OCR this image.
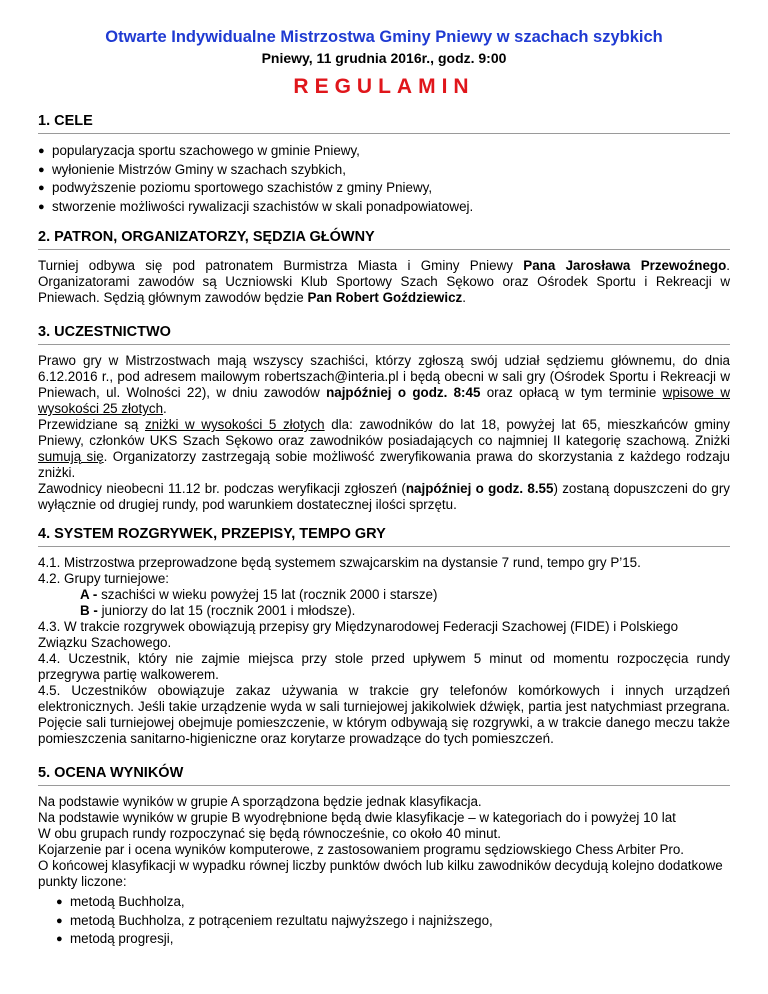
Otwarte Indywidualne Mistrzostwa Gminy Pniewy w szachach szybkich

Pniewy, 11 grudnia 2016r., godz. 9:00

REGULAMIN

1. CELE

● popularyzacja sportu szachowego w gminie Pniewy,
● wyłonienie Mistrzów Gminy w szachach szybkich,
● podwyższenie poziomu sportowego szachistów z gminy Pniewy,
● stworzenie możliwości rywalizacji szachistów w skali ponadpowiatowej.

2. PATRON, ORGANIZATORZY, SĘDZIA GŁÓWNY

Turniej odbywa się pod patronatem Burmistrza Miasta i Gminy Pniewy Pana Jarosława Przewoźnego. Organizatorami zawodów są Uczniowski Klub Sportowy Szach Sękowo oraz Ośrodek Sportu i Rekreacji w Pniewach. Sędzią głównym zawodów będzie Pan Robert Goździewicz.

3. UCZESTNICTWO

Prawo gry w Mistrzostwach mają wszyscy szachiści, którzy zgłoszą swój udział sędziemu głównemu, do dnia 6.12.2016 r., pod adresem mailowym robertszach@interia.pl i będą obecni w sali gry (Ośrodek Sportu i Rekreacji w Pniewach, ul. Wolności 22), w dniu zawodów najpóźniej o godz. 8:45 oraz opłacą w tym terminie wpisowe w wysokości 25 złotych.

Przewidziane są zniżki w wysokości 5 złotych dla: zawodników do lat 18, powyżej lat 65, mieszkańców gminy Pniewy, członków UKS Szach Sękowo oraz zawodników posiadających co najmniej II kategorię szachową. Zniżki sumują się. Organizatorzy zastrzegają sobie możliwość zweryfikowania prawa do skorzystania z każdego rodzaju zniżki.

Zawodnicy nieobecni 11.12 br. podczas weryfikacji zgłoszeń (najpóźniej o godz. 8.55) zostaną dopuszczeni do gry wyłącznie od drugiej rundy, pod warunkiem dostatecznej ilości sprzętu.

4. SYSTEM ROZGRYWEK, PRZEPISY, TEMPO GRY

4.1. Mistrzostwa przeprowadzone będą systemem szwajcarskim na dystansie 7 rund, tempo gry P’15.

4.2. Grupy turniejowe:

A - szachiści w wieku powyżej 15 lat (rocznik 2000 i starsze)

B - juniorzy do lat 15 (rocznik 2001 i młodsze).

4.3. W trakcie rozgrywek obowiązują przepisy gry Międzynarodowej Federacji Szachowej (FIDE) i Polskiego Związku Szachowego.

4.4. Uczestnik, który nie zajmie miejsca przy stole przed upływem 5 minut od momentu rozpoczęcia rundy przegrywa partię walkowerem.

4.5. Uczestników obowiązuje zakaz używania w trakcie gry telefonów komórkowych i innych urządzeń elektronicznych. Jeśli takie urządzenie wyda w sali turniejowej jakikolwiek dźwięk, partia jest natychmiast przegrana. Pojęcie sali turniejowej obejmuje pomieszczenie, w którym odbywają się rozgrywki, a w trakcie danego meczu także pomieszczenia sanitarno-higieniczne oraz korytarze prowadzące do tych pomieszczeń.

5. OCENA WYNIKÓW

Na podstawie wyników w grupie A sporządzona będzie jednak klasyfikacja.

Na podstawie wyników w grupie B wyodrębnione będą dwie klasyfikacje – w kategoriach do i powyżej 10 lat

W obu grupach rundy rozpoczynać się będą równocześnie, co około 40 minut.

Kojarzenie par i ocena wyników komputerowe, z zastosowaniem programu sędziowskiego Chess Arbiter Pro.

O końcowej klasyfikacji w wypadku równej liczby punktów dwóch lub kilku zawodników decydują kolejno dodatkowe punkty liczone:

● metodą Buchholza,
● metodą Buchholza, z potrąceniem rezultatu najwyższego i najniższego,
● metodą progresji,
